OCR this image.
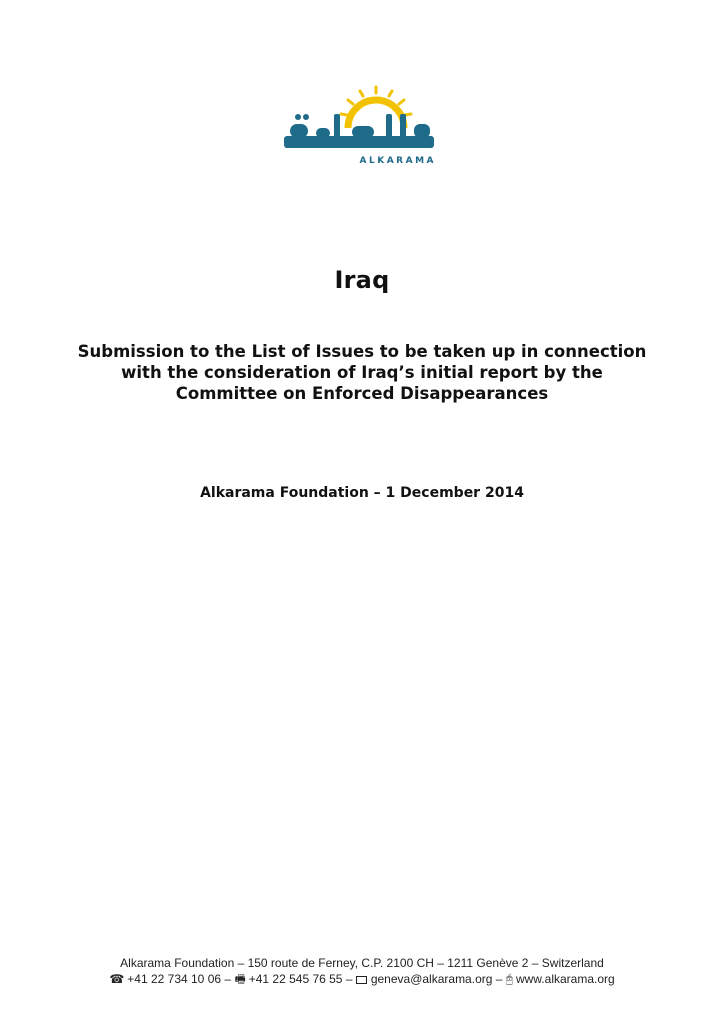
ALKARAMA
Iraq
Submission to the List of Issues to be taken up in connection
with the consideration of Iraq’s initial report by the
Committee on Enforced Disappearances
Alkarama Foundation – 1 December 2014
Alkarama Foundation – 150 route de Ferney, C.P. 2100 CH – 1211 Genève 2 – Switzerland
☎ +41 22 734 10 06 – 🖷 +41 22 545 76 55 – geneva@alkarama.org – 🖰 www.alkarama.org
